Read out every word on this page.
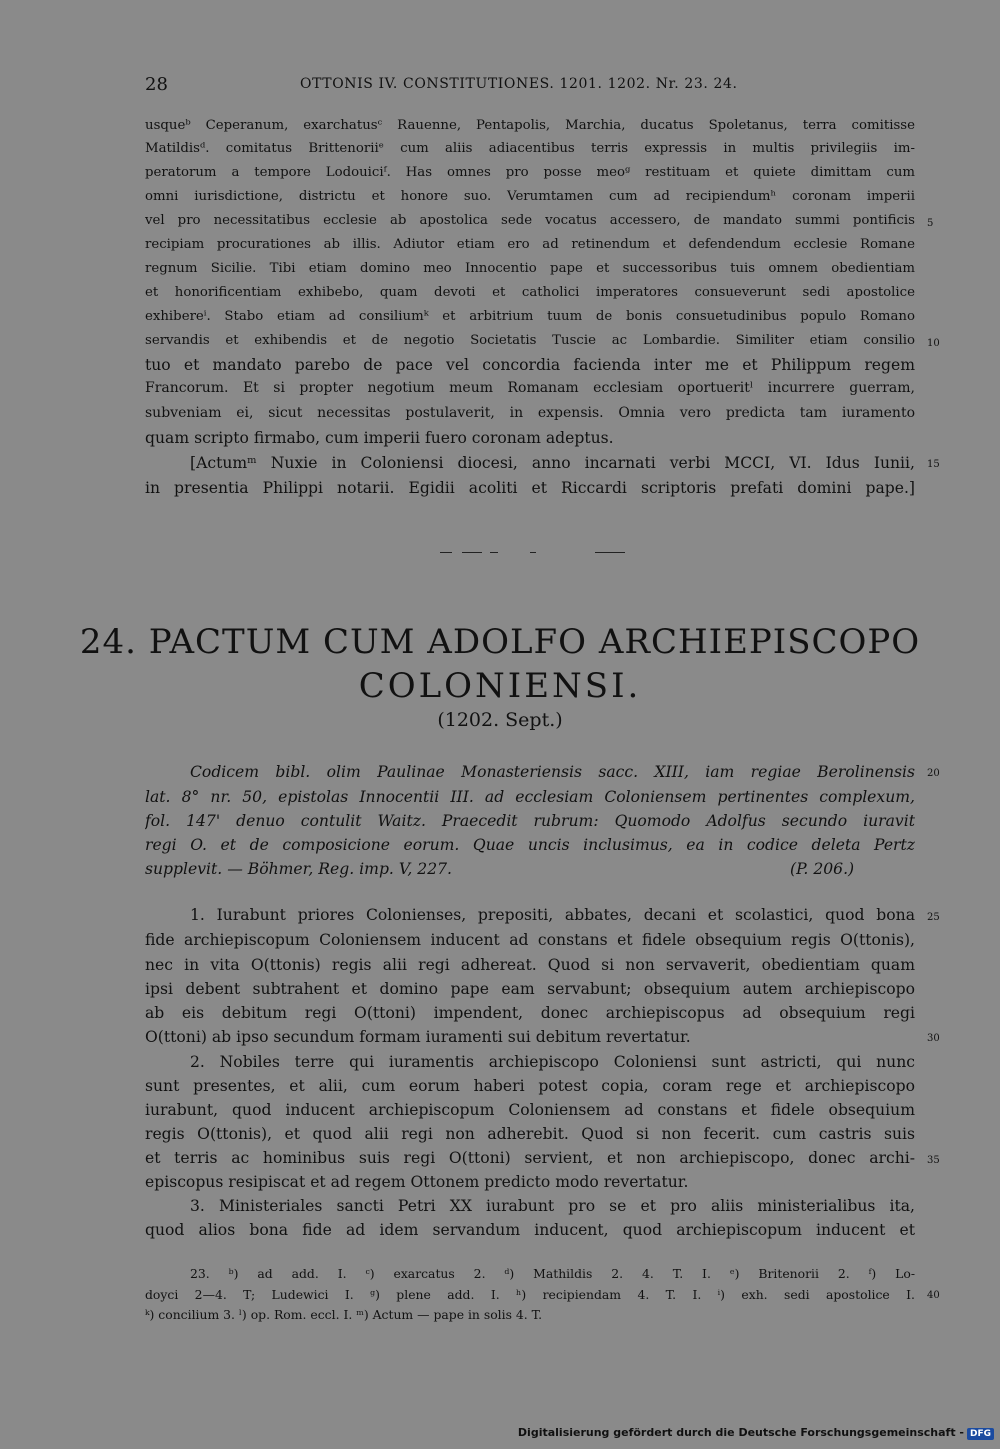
28	OTTONIS IV. CONSTITUTIONES. 1201. 1202. Nr. 23. 24.
usqueᵇ Ceperanum, exarchatusᶜ Rauenne, Pentapolis, Marchia, ducatus Spoletanus, terra comitisse
Matildisᵈ. comitatus Brittenoriiᵉ cum aliis adiacentibus terris expressis in multis privilegiis im-
peratorum a tempore Lodouiciᶠ. Has omnes pro posse meoᵍ restituam et quiete dimittam cum
omni iurisdictione, districtu et honore suo. Verumtamen cum ad recipiendumʰ coronam imperii
vel pro necessitatibus ecclesie ab apostolica sede vocatus accessero, de mandato summi pontificis
recipiam procurationes ab illis. Adiutor etiam ero ad retinendum et defendendum ecclesie Romane
regnum Sicilie. Tibi etiam domino meo Innocentio pape et successoribus tuis omnem obedientiam
et honorificentiam exhibebo, quam devoti et catholici imperatores consueverunt sedi apostolice
exhibereⁱ. Stabo etiam ad consiliumᵏ et arbitrium tuum de bonis consuetudinibus populo Romano
servandis et exhibendis et de negotio Societatis Tuscie ac Lombardie. Similiter etiam consilio
tuo et mandato parebo de pace vel concordia facienda inter me et Philippum regem
Francorum. Et si propter negotium meum Romanam ecclesiam oportueritˡ incurrere guerram,
subveniam ei, sicut necessitas postulaverit, in expensis. Omnia vero predicta tam iuramento
quam scripto firmabo, cum imperii fuero coronam adeptus.
[Actumᵐ Nuxie in Coloniensi diocesi, anno incarnati verbi MCCI, VI. Idus Iunii,
in presentia Philippi notarii. Egidii acoliti et Riccardi scriptoris prefati domini pape.]
5
10
15
24. PACTUM CUM ADOLFO ARCHIEPISCOPO
COLONIENSI.
(1202. Sept.)
Codicem bibl. olim Paulinae Monasteriensis sacc. XIII, iam regiae Berolinensis
lat. 8° nr. 50, epistolas Innocentii III. ad ecclesiam Coloniensem pertinentes complexum,
fol. 147' denuo contulit Waitz. Praecedit rubrum: Quomodo Adolfus secundo iuravit
regi O. et de composicione eorum. Quae uncis inclusimus, ea in codice deleta Pertz
supplevit. — Böhmer, Reg. imp. V, 227.	(P. 206.)
1. Iurabunt priores Colonienses, prepositi, abbates, decani et scolastici, quod bona
fide archiepiscopum Coloniensem inducent ad constans et fidele obsequium regis O(ttonis),
nec in vita O(ttonis) regis alii regi adhereat. Quod si non servaverit, obedientiam quam
ipsi debent subtrahent et domino pape eam servabunt; obsequium autem archiepiscopo
ab eis debitum regi O(ttoni) impendent, donec archiepiscopus ad obsequium regi
O(ttoni) ab ipso secundum formam iuramenti sui debitum revertatur.
2. Nobiles terre qui iuramentis archiepiscopo Coloniensi sunt astricti, qui nunc
sunt presentes, et alii, cum eorum haberi potest copia, coram rege et archiepiscopo
iurabunt, quod inducent archiepiscopum Coloniensem ad constans et fidele obsequium
regis O(ttonis), et quod alii regi non adherebit. Quod si non fecerit. cum castris suis
et terris ac hominibus suis regi O(ttoni) servient, et non archiepiscopo, donec archi-
episcopus resipiscat et ad regem Ottonem predicto modo revertatur.
3. Ministeriales sancti Petri XX iurabunt pro se et pro aliis ministerialibus ita,
quod alios bona fide ad idem servandum inducent, quod archiepiscopum inducent et
20
25
30
35
23. ᵇ) ad add. I. ᶜ) exarcatus 2. ᵈ) Mathildis 2. 4. T. I. ᵉ) Britenorii 2. ᶠ) Lo-
doyci 2—4. T; Ludewici I. ᵍ) plene add. I. ʰ) recipiendam 4. T. I. ⁱ) exh. sedi apostolice I.
ᵏ) concilium 3. ˡ) op. Rom. eccl. I. ᵐ) Actum — pape in solis 4. T.
40
Digitalisierung gefördert durch die Deutsche Forschungsgemeinschaft - DFG
